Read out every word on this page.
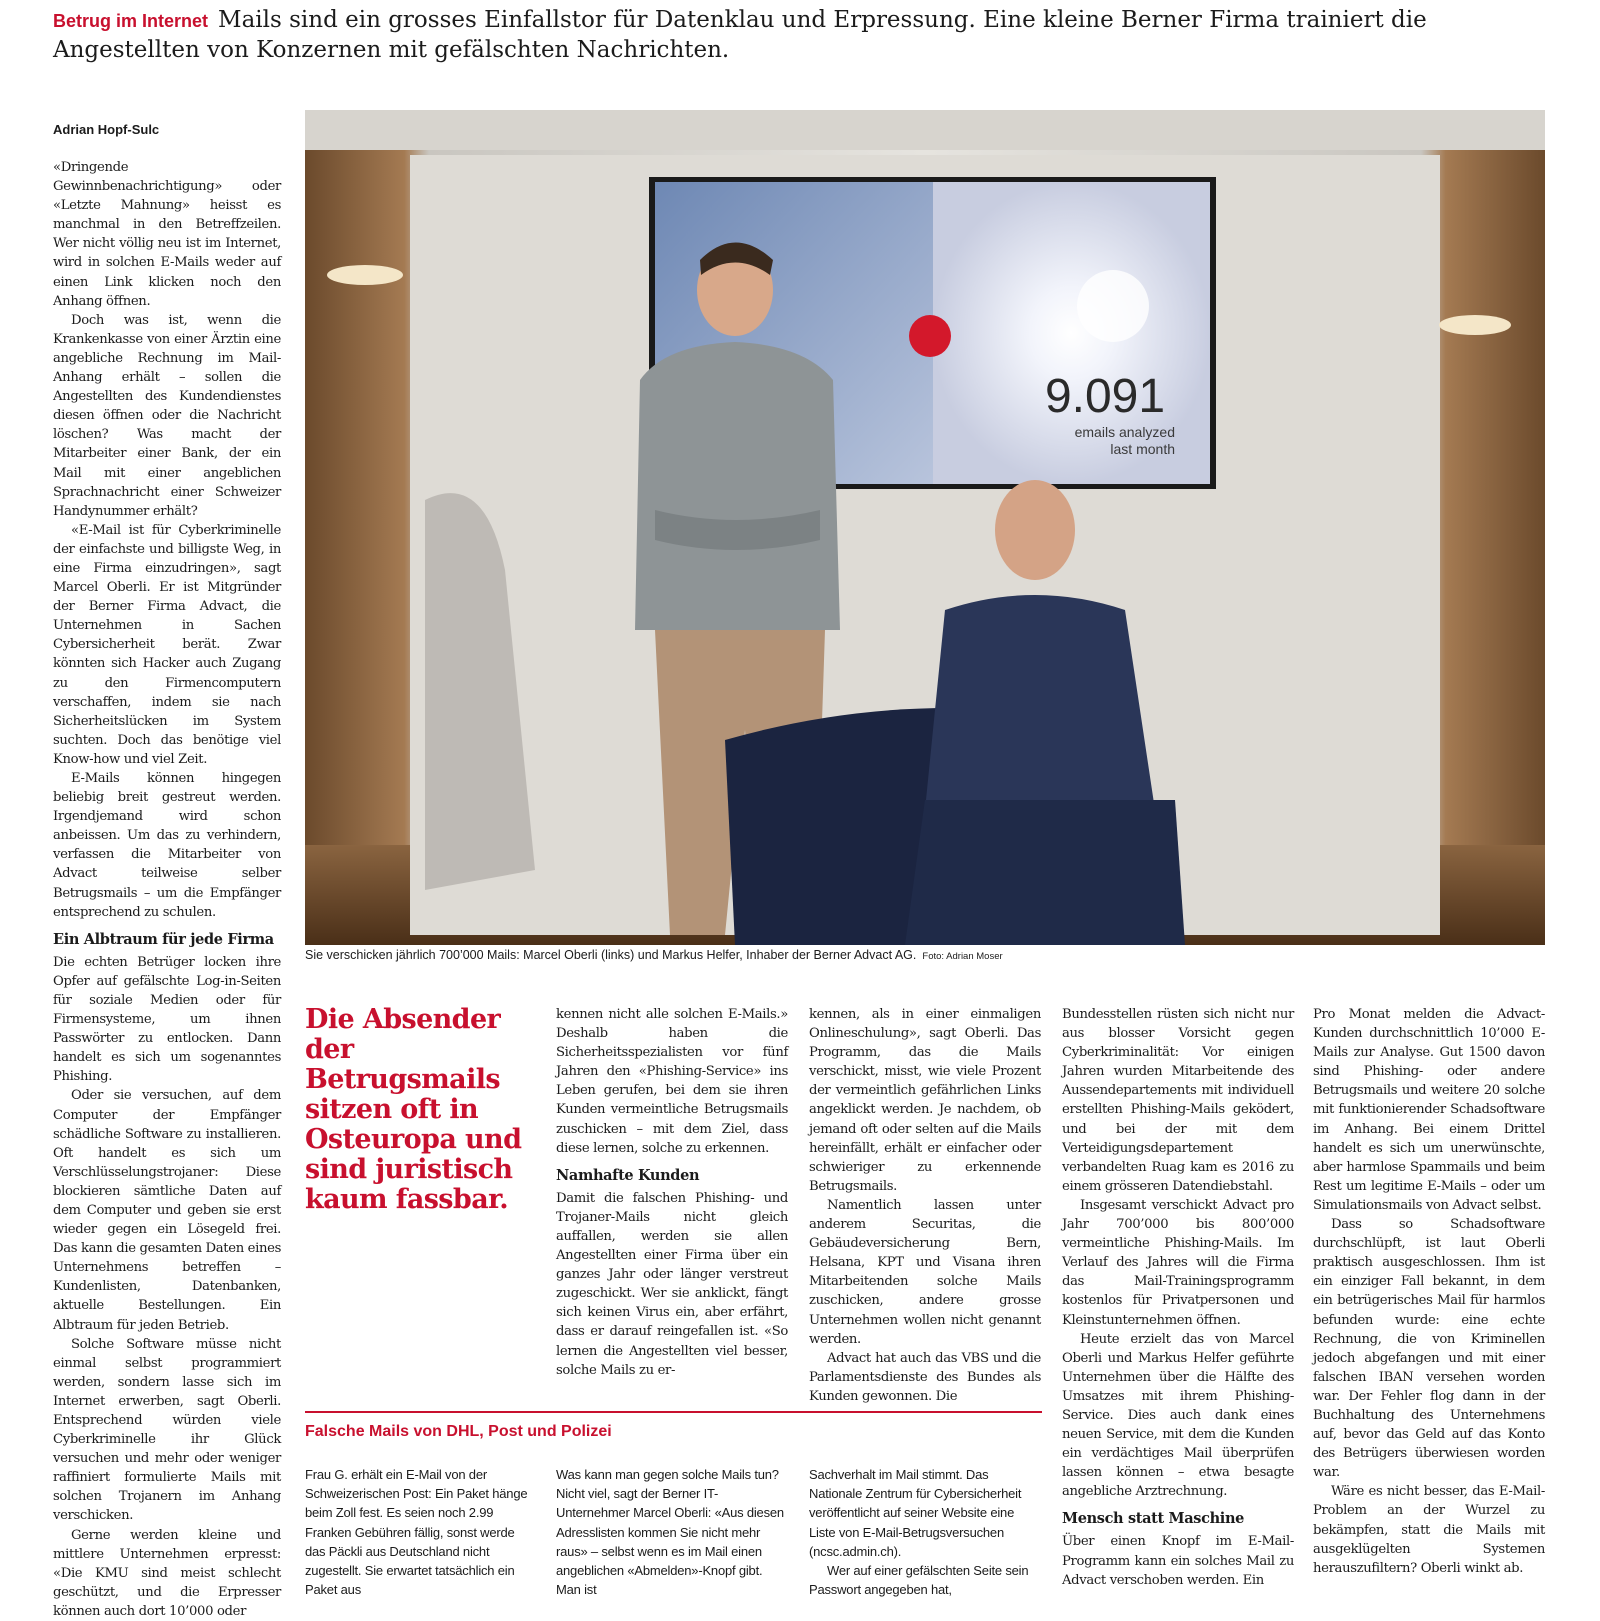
Betrug im Internet Mails sind ein grosses Einfallstor für Datenklau und Erpressung. Eine kleine Berner Firma trainiert die Angestellten von Konzernen mit gefälschten Nachrichten.
Adrian Hopf-Sulc

«Dringende Gewinnbenachrichtigung» oder «Letzte Mahnung» heisst es manchmal in den Betreffzeilen. Wer nicht völlig neu ist im Internet, wird in solchen E-Mails weder auf einen Link klicken noch den Anhang öffnen.

Doch was ist, wenn die Krankenkasse von einer Ärztin eine angebliche Rechnung im Mail-Anhang erhält – sollen die Angestellten des Kundendienstes diesen öffnen oder die Nachricht löschen? Was macht der Mitarbeiter einer Bank, der ein Mail mit einer angeblichen Sprachnachricht einer Schweizer Handynummer erhält?

«E-Mail ist für Cyberkriminelle der einfachste und billigste Weg, in eine Firma einzudringen», sagt Marcel Oberli. Er ist Mitgründer der Berner Firma Advact, die Unternehmen in Sachen Cybersicherheit berät. Zwar könnten sich Hacker auch Zugang zu den Firmencomputern verschaffen, indem sie nach Sicherheitslücken im System suchten. Doch das benötige viel Know-how und viel Zeit.

E-Mails können hingegen beliebig breit gestreut werden. Irgendjemand wird schon anbeissen. Um das zu verhindern, verfassen die Mitarbeiter von Advact teilweise selber Betrugsmails – um die Empfänger entsprechend zu schulen.

Ein Albtraum für jede Firma

Die echten Betrüger locken ihre Opfer auf gefälschte Log-in-Seiten für soziale Medien oder für Firmensysteme, um ihnen Passwörter zu entlocken. Dann handelt es sich um sogenanntes Phishing.

Oder sie versuchen, auf dem Computer der Empfänger schädliche Software zu installieren. Oft handelt es sich um Verschlüsselungstrojaner: Diese blockieren sämtliche Daten auf dem Computer und geben sie erst wieder gegen ein Lösegeld frei. Das kann die gesamten Daten eines Unternehmens betreffen – Kundenlisten, Datenbanken, aktuelle Bestellungen. Ein Albtraum für jeden Betrieb.

Solche Software müsse nicht einmal selbst programmiert werden, sondern lasse sich im Internet erwerben, sagt Oberli. Entsprechend würden viele Cyberkriminelle ihr Glück versuchen und mehr oder weniger raffiniert formulierte Mails mit solchen Trojanern im Anhang verschicken.

Gerne werden kleine und mittlere Unternehmen erpresst: «Die KMU sind meist schlecht geschützt, und die Erpresser können auch dort 10’000 oder

9.091
emails analyzed
last month
Sie verschicken jährlich 700’000 Mails: Marcel Oberli (links) und Markus Helfer, Inhaber der Berner Advact AG. Foto: Adrian Moser
Die Absender der Betrugsmails sitzen oft in Osteuropa und sind juristisch kaum fassbar.

kennen nicht alle solchen E-Mails.» Deshalb haben die Sicherheitsspezialisten vor fünf Jahren den «Phishing-Service» ins Leben gerufen, bei dem sie ihren Kunden vermeintliche Betrugsmails zuschicken – mit dem Ziel, dass diese lernen, solche zu erkennen.

Namhafte Kunden

Damit die falschen Phishing- und Trojaner-Mails nicht gleich auffallen, werden sie allen Angestellten einer Firma über ein ganzes Jahr oder länger verstreut zugeschickt. Wer sie anklickt, fängt sich keinen Virus ein, aber erfährt, dass er darauf reingefallen ist. «So lernen die Angestellten viel besser, solche Mails zu er-

kennen, als in einer einmaligen Onlineschulung», sagt Oberli. Das Programm, das die Mails verschickt, misst, wie viele Prozent der vermeintlich gefährlichen Links angeklickt werden. Je nachdem, ob jemand oft oder selten auf die Mails hereinfällt, erhält er einfacher oder schwieriger zu erkennende Betrugsmails.

Namentlich lassen unter anderem Securitas, die Gebäudeversicherung Bern, Helsana, KPT und Visana ihren Mitarbeitenden solche Mails zuschicken, andere grosse Unternehmen wollen nicht genannt werden.

Advact hat auch das VBS und die Parlamentsdienste des Bundes als Kunden gewonnen. Die

Bundesstellen rüsten sich nicht nur aus blosser Vorsicht gegen Cyberkriminalität: Vor einigen Jahren wurden Mitarbeitende des Aussendepartements mit individuell erstellten Phishing-Mails geködert, und bei der mit dem Verteidigungsdepartement verbandelten Ruag kam es 2016 zu einem grösseren Datendiebstahl.

Insgesamt verschickt Advact pro Jahr 700’000 bis 800’000 vermeintliche Phishing-Mails. Im Verlauf des Jahres will die Firma das Mail-Trainingsprogramm kostenlos für Privatpersonen und Kleinstunternehmen öffnen.

Heute erzielt das von Marcel Oberli und Markus Helfer geführte Unternehmen über die Hälfte des Umsatzes mit ihrem Phishing-Service. Dies auch dank eines neuen Service, mit dem die Kunden ein verdächtiges Mail überprüfen lassen können – etwa besagte angebliche Arztrechnung.

Mensch statt Maschine

Über einen Knopf im E-Mail-Programm kann ein solches Mail zu Advact verschoben werden. Ein

Pro Monat melden die Advact-Kunden durchschnittlich 10’000 E-Mails zur Analyse. Gut 1500 davon sind Phishing- oder andere Betrugsmails und weitere 20 solche mit funktionierender Schadsoftware im Anhang. Bei einem Drittel handelt es sich um unerwünschte, aber harmlose Spammails und beim Rest um legitime E-Mails – oder um Simulationsmails von Advact selbst.

Dass so Schadsoftware durchschlüpft, ist laut Oberli praktisch ausgeschlossen. Ihm ist ein einziger Fall bekannt, in dem ein betrügerisches Mail für harmlos befunden wurde: eine echte Rechnung, die von Kriminellen jedoch abgefangen und mit einer falschen IBAN versehen worden war. Der Fehler flog dann in der Buchhaltung des Unternehmens auf, bevor das Geld auf das Konto des Betrügers überwiesen worden war.

Wäre es nicht besser, das E-Mail-Problem an der Wurzel zu bekämpfen, statt die Mails mit ausgeklügelten Systemen herauszufiltern? Oberli winkt ab.

Falsche Mails von DHL, Post und Polizei

Frau G. erhält ein E-Mail von der Schweizerischen Post: Ein Paket hänge beim Zoll fest. Es seien noch 2.99 Franken Gebühren fällig, sonst werde das Päckli aus Deutschland nicht zugestellt. Sie erwartet tatsächlich ein Paket aus

Was kann man gegen solche Mails tun? Nicht viel, sagt der Berner IT-Unternehmer Marcel Oberli: «Aus diesen Adresslisten kommen Sie nicht mehr raus» – selbst wenn es im Mail einen angeblichen «Abmelden»-Knopf gibt. Man ist

Sachverhalt im Mail stimmt. Das Nationale Zentrum für Cybersicherheit veröffentlicht auf seiner Website eine Liste von E-Mail-Betrugsversuchen (ncsc.admin.ch).

Wer auf einer gefälschten Seite sein Passwort angegeben hat,
